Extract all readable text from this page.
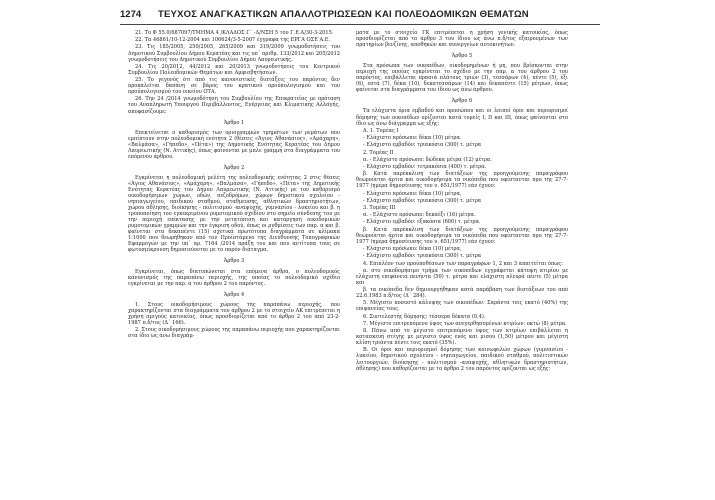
1274 ΤΕΥΧΟΣ ΑΝΑΓΚΑΣΤΙΚΩΝ ΑΠΑΛΛΟΤΡΙΩΣΕΩΝ ΚΑΙ ΠΟΛΕΟΔΟΜΙΚΩΝ ΘΕΜΑΤΩΝ

21. Το Φ 55.0/687097/ΤΜΗΜΑ 4 /ΚΛΑΔΟΣ Γ΄ -Δ/ΝΣΗ 5 του Γ.Ε.Α/30-3-2015.

22. Τα 46861/10-12-2004 και 106624/3-5-2007 έγγραφα της ΕΡΓΑ ΟΣΕ Α.Ε.

23. Τις 185/2005, 250/2005, 265/2009 και 319/2009 γνωμοδοτήσεις του Δημοτικού Συμβουλίου Δήμου Κερατέας και τις υπ΄ αριθμ. 133/2012 και 205/2012 γνωμοδοτήσεις του Δημοτικού Συμβουλίου Δήμου Λαυρεωτικής.

24. Τις 20/2012, 44/2012 και 20/2013 γνωμοδοτήσεις του Κεντρικού Συμβουλίου Πολεοδομικών Θεμάτων και Αμφισβητήσεων.

25. Το γεγονός ότι από τις κανονιστικές διατάξεις του παρόντος δεν προκαλείται δαπάνη σε βάρος του κρατικού προϋπολογισμού και του προϋπολογισμού του οικείου ΟΤΑ.

26. Την 24 /2014 γνωμοδότηση του Συμβουλίου της Επικρατείας με πρόταση του Αναπληρωτή Υπουργού Περιβάλλοντος, Ενέργειας και Κλιματικής Αλλαγής, αποφασίζουμε:

Άρθρο 1

Επεκτείνεται ο καθορισμός των οριογραμμών τμημάτων των ρεμάτων που εμπίπτουν στην πολεοδομική ενότητα 2 (θέσεις «Άγιος Αθανάσιος», «Αμάχαρη», «Βαλμάσα», «Γήπεδο», «Πέτα») της Δημοτικής Ενότητας Κερατέας του Δήμου Λαυρεωτικής (Ν. Αττικής), όπως φαίνονται με μπλε γραμμή στα διαγράμματα του επόμενου άρθρου.

Άρθρο 2

Εγκρίνεται η πολεοδομική μελέτη της πολεοδομικής ενότητας 2 στις θέσεις «Άγιος Αθανάσιος», «Αμάχαρη», «Βαλμάσα», «Γήπεδο», «Πέτα» της Δημοτικής Ενότητας Κερατέας του Δήμου Λαυρεωτικής (Ν. Αττικής) με τον καθορισμό οικοδομήσιμων χώρων, οδών, πεζοδρόμων, χώρων δημοτικού σχολείου - νηπιαγωγείου, παιδικού σταθμού, σταθμευσης, αθλητικών δραστηριοτήτων, χώρου άθλησης, διοίκησης - πολιτισμού -αναψυχής, γυμνασίου - λυκείου και β. η τροποποίηση του εγκεκριμένου ρυμοτομικού σχεδίου στο σημείο σύνδεσης του με την περιοχή επέκτασης με την μετατόπιση και κατάργηση οικοδομικών ρυμοτομικών γραμμών και την έγκριση οδού, όπως οι ρυθμίσεις των παρ. α και β. φαίνεται στα δεκαπέντε (15) σχετικά πρωτότυπα διαγράμματα σε κλίμακα 1:1000 που θεωρήθηκαν από τον Προϊστάμενο της Διεύθυνσης Τοπογραφικών Εφαρμογών με την υπ΄ αρ. 7164 /2014 πράξη του και που αντίτυπα τους σε φωτοσμίκρυνση δημοσιεύονται με το παρόν διάταγμα.

Άρθρο 3

Εγκρίνεται, όπως διατυπώνεται στα επόμενα άρθρα, ο πολεοδομικός κανονισμός της παραπάνω περιοχής, της οποίας το πολεοδομικό σχέδιο εγκρίνεται με την παρ. α του άρθρου 2 του παρόντος.

Άρθρο 4

1. Στους οικοδομήσιμους χώρους της παραπάνω περιοχής, που χαρακτηρίζονται στα διαγράμματα του άρθρου 2 με το στοιχείο ΑΚ επιτρέπεται η χρήση αμιγούς κατοικίας, όπως προσδιορίζεται από το άρθρο 2 του από 23-2-1987 π.δ/τος (Δ΄ 166).

2. Στους οικοδομήσιμους χώρους της παραπάνω περιοχής που χαρακτηρίζονται στα ίδιο ως άνω διαγράμ-

ματα με το στοιχείο ΓΚ επιτρέπεται η χρήση γενικής κατοικίας, όπως προσδιορίζεται από το άρθρο 3 του ίδιου ως άνω π.δ/τος εξαιρουμένων των πρατηρίων βενζίνης, αποθηκών και συνεργείων αυτοκινήτων.

Άρθρο 5

Στα πρόσωπα των οικοπέδων, οικοδομημένων ή μη, που βρίσκονται στην περιοχή της οποίας εγκρίνεται το σχέδιο με την παρ. α του άρθρου 2 του παρόντος, επιβάλλεται πρασιά πλάτους τριών (3), τεσσάρων (4), πέντε (5), έξι (6), επτά (7), δέκα (10), δεκατεσσάρων (14) και δεκαπέντε (15) μέτρων, όπως φαίνεται στα διαγράμματα του ίδιου ως άνω άρθρου.

Άρθρο 6

Τα ελάχιστα όρια εμβαδού και προσώπου και οι λοιποί όροι και περιορισμοί δόμησης των οικοπέδων ορίζονται κατά τομείς I, II και III, όπως φαίνονται στο ίδιο ως άνω διάγραμμα ως εξής:

Α. 1. Τομέας I

- Ελάχιστο πρόσωπο: δέκα (10) μέτρα.

- Ελάχιστο εμβαδόν: τριακόσια (300) τ. μέτρα

2. Τομέας II

α. - Ελάχιστο πρόσωπο: δώδεκα μέτρα (12) μέτρα.

- Ελάχιστο εμβαδόν: τετρακόσια (400) τ. μέτρα.

β. Κατά παρέκκλιση των διατάξεων της προηγούμενης παραγράφου θεωρούνται άρτια και οικοδομήσιμα τα οικόπεδα που υφίστανται προ της 27-7-1977 (ημέρα δημοσίευσης του ν. 651/1977) εάν έχουν:

- Ελάχιστο πρόσωπο: δέκα (10) μέτρα,

- Ελάχιστο εμβαδόν: τριακόσια (300) τ. μέτρα

3. Τομέας III

α. - Ελάχιστο πρόσωπο: δεκαέξι (16) μέτρα.

- Ελάχιστο εμβαδόν: εξακόσια (600) τ. μέτρα.

β. Κατά παρέκκλιση των διατάξεων της προηγούμενης παραγράφου θεωρούνται άρτια και οικοδομήσιμα τα οικόπεδα που υφίστανται προ της 27-7-1977 (ημέρα δημοσίευσης του ν. 651/1977) εάν έχουν:

- Ελάχιστο πρόσωπο: δέκα (10) μέτρα,

- Ελάχιστο εμβαδόν: τριακόσια (300) τ. μέτρα

4. Επιπλέον των προϋποθέσεων των παραγράφων 1, 2 και 3 απαιτείται όπως:

α. στο οικοδομήσιμο τμήμα των οικοπέδων εγγράφεται κάτοψη κτιρίου με ελάχιστη επιφάνεια πενήντα (50) τ. μέτρα και ελάχιστη πλευρά πέντε (5) μέτρα και

β. τα οικόπεδα δεν δημιουργήθηκαν κατά παράβαση των διατάξεων του από 22.6.1983 π.δ/τος (Δ΄ 284).

5. Μέγιστο ποσοστό κάλυψης των οικοπέδων: Σαράντα τοις εκατό (40%) της επιφανείας τους.

6. Συντελεστής δόμησης: τέσσερα δέκατα (0,4).

7. Μέγιστο επιτρεπόμενο ύψος των ανεγερθησομένων κτιρίων: οκτώ (8) μέτρα.

8. Πάνω από το μέγιστο επιτρεπόμενο ύψος των κτιρίων επιβάλλεται η κατασκευή στέγης με μέγιστο ύψος ενός και μισού (1,50) μέτρου και μέγιστη κλίση τριάντα πέντε τοις εκατό (35%).

Β. Οι όροι και περιορισμοί δόμησης των κοινωφελών χώρων (γυμνασίου - λυκείου, δημοτικού σχολείου - νηπιαγωγείου, παιδικού σταθμού, πολιτιστικών λειτουργιών, διοίκησης - πολιτισμού -αναψυχής, αθλητικών δραστηριοτήτων, άθλησης) που καθορίζονται με το άρθρο 2 του παρόντος ορίζονται ως εξής:
